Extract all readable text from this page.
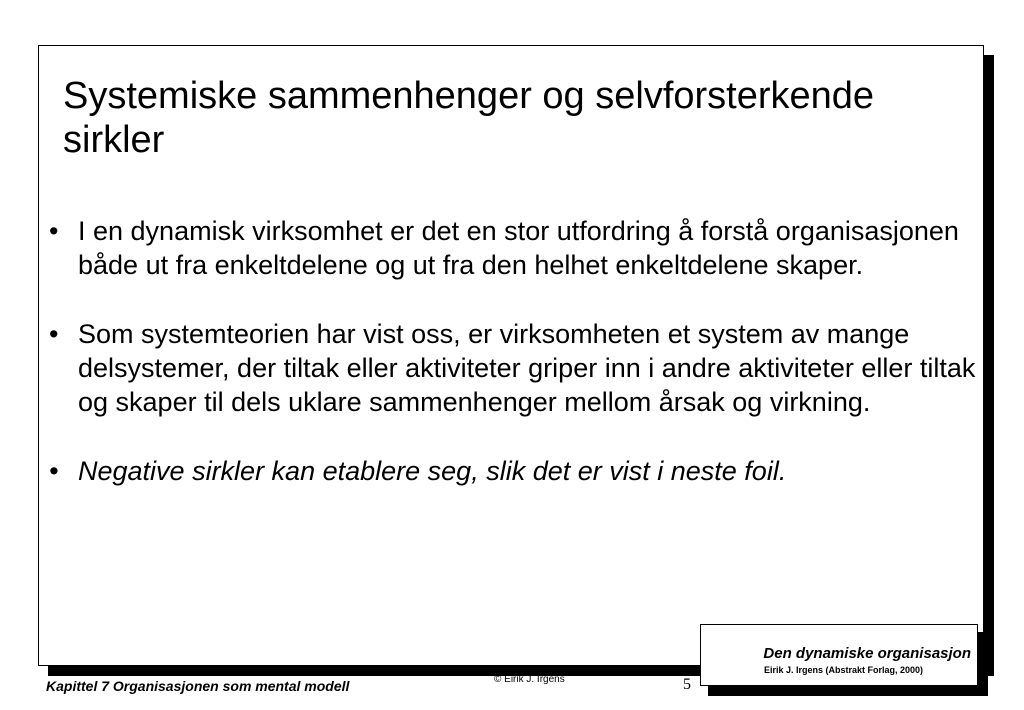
Systemiske sammenhenger og selvforsterkende sirkler
• I en dynamisk virksomhet er det en stor utfordring å forstå organisasjonen både ut fra enkeltdelene og ut fra den helhet enkeltdelene skaper.
• Som systemteorien har vist oss, er virksomheten et system av mange delsystemer, der tiltak eller aktiviteter griper inn i andre aktiviteter eller tiltak og skaper til dels uklare sammenhenger mellom årsak og virkning.
• Negative sirkler kan etablere seg, slik det er vist i neste foil.
Den dynamiske organisasjon
Eirik J. Irgens (Abstrakt Forlag, 2000)
Kapittel 7 Organisasjonen som mental modell	© Eirik J. Irgens	5
